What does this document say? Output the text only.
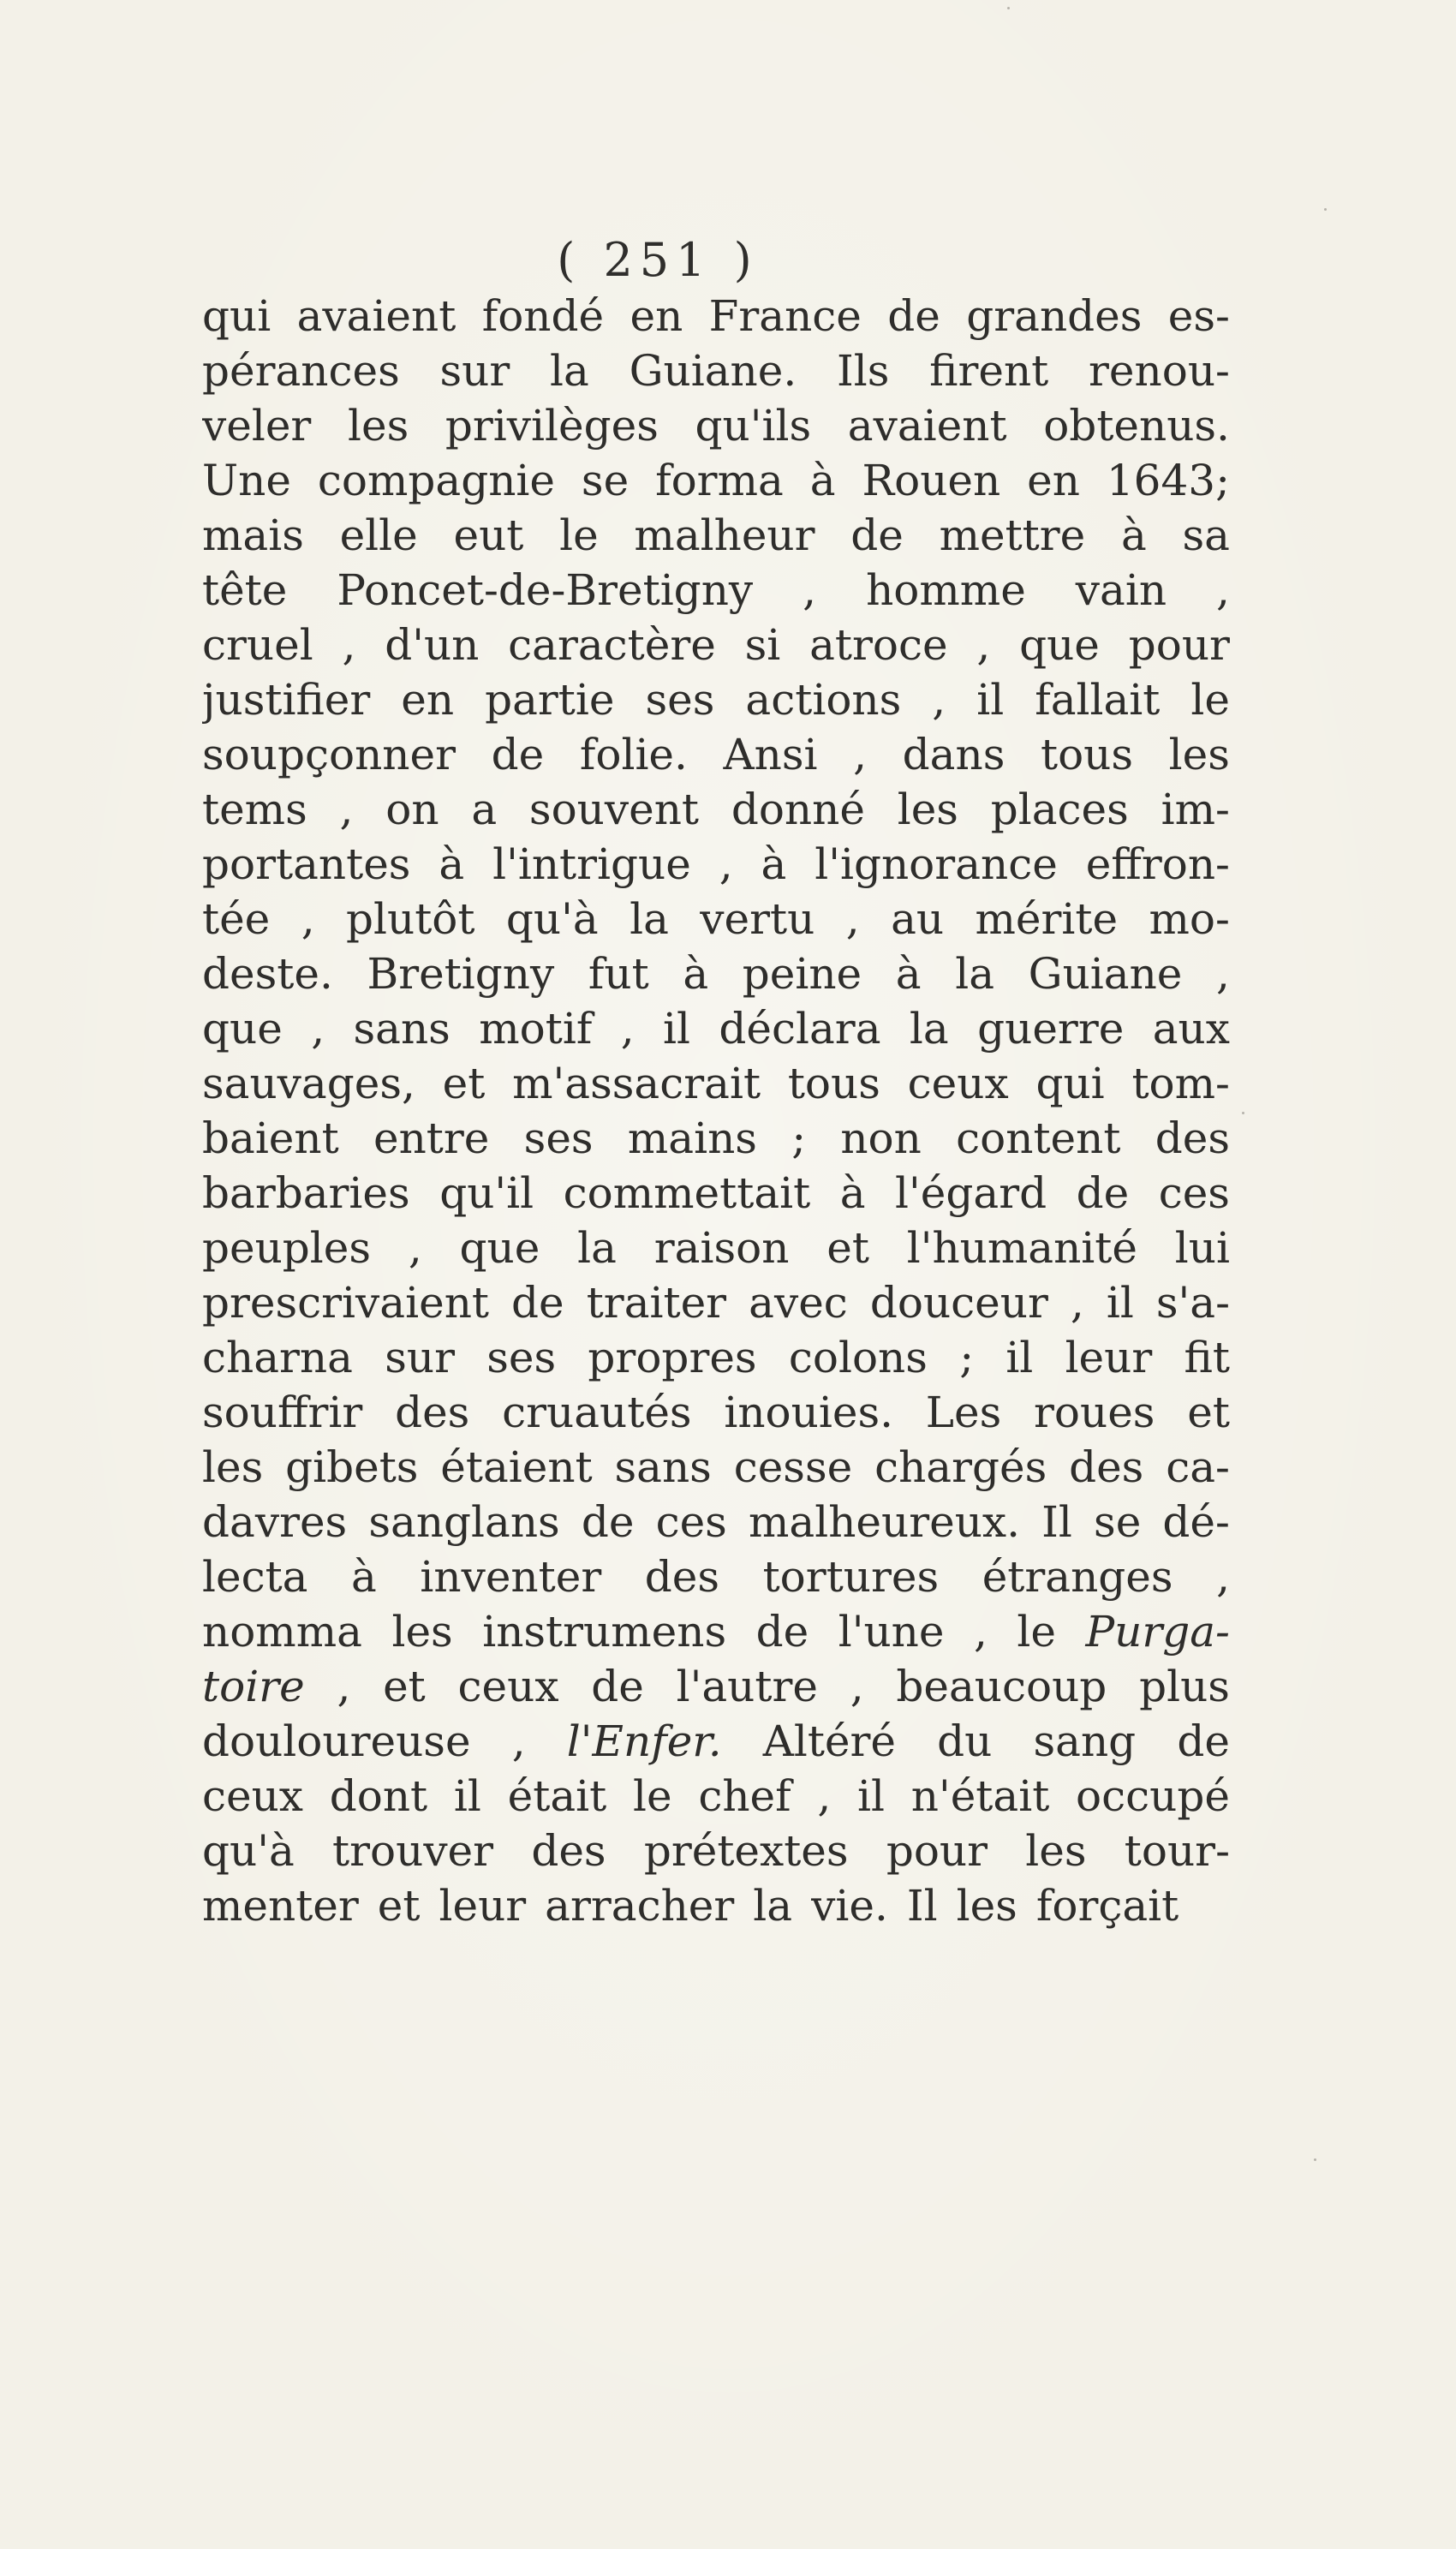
( 251 )
qui avaient fondé en France de grandes es-
pérances sur la Guiane. Ils firent renou-
veler les privilèges qu'ils avaient obtenus.
Une compagnie se forma à Rouen en 1643;
mais elle eut le malheur de mettre à sa
tête Poncet-de-Bretigny , homme vain ,
cruel , d'un caractère si atroce , que pour
justifier en partie ses actions , il fallait le
soupçonner de folie. Ansi , dans tous les
tems , on a souvent donné les places im-
portantes à l'intrigue , à l'ignorance effron-
tée , plutôt qu'à la vertu , au mérite mo-
deste. Bretigny fut à peine à la Guiane ,
que , sans motif , il déclara la guerre aux
sauvages, et m'assacrait tous ceux qui tom-
baient entre ses mains ; non content des
barbaries qu'il commettait à l'égard de ces
peuples , que la raison et l'humanité lui
prescrivaient de traiter avec douceur , il s'a-
charna sur ses propres colons ; il leur fit
souffrir des cruautés inouies. Les roues et
les gibets étaient sans cesse chargés des ca-
davres sanglans de ces malheureux. Il se dé-
lecta à inventer des tortures étranges ,
nomma les instrumens de l'une , le Purga-
toire , et ceux de l'autre , beaucoup plus
douloureuse , l'Enfer. Altéré du sang de
ceux dont il était le chef , il n'était occupé
qu'à trouver des prétextes pour les tour-
menter et leur arracher la vie. Il les forçait
